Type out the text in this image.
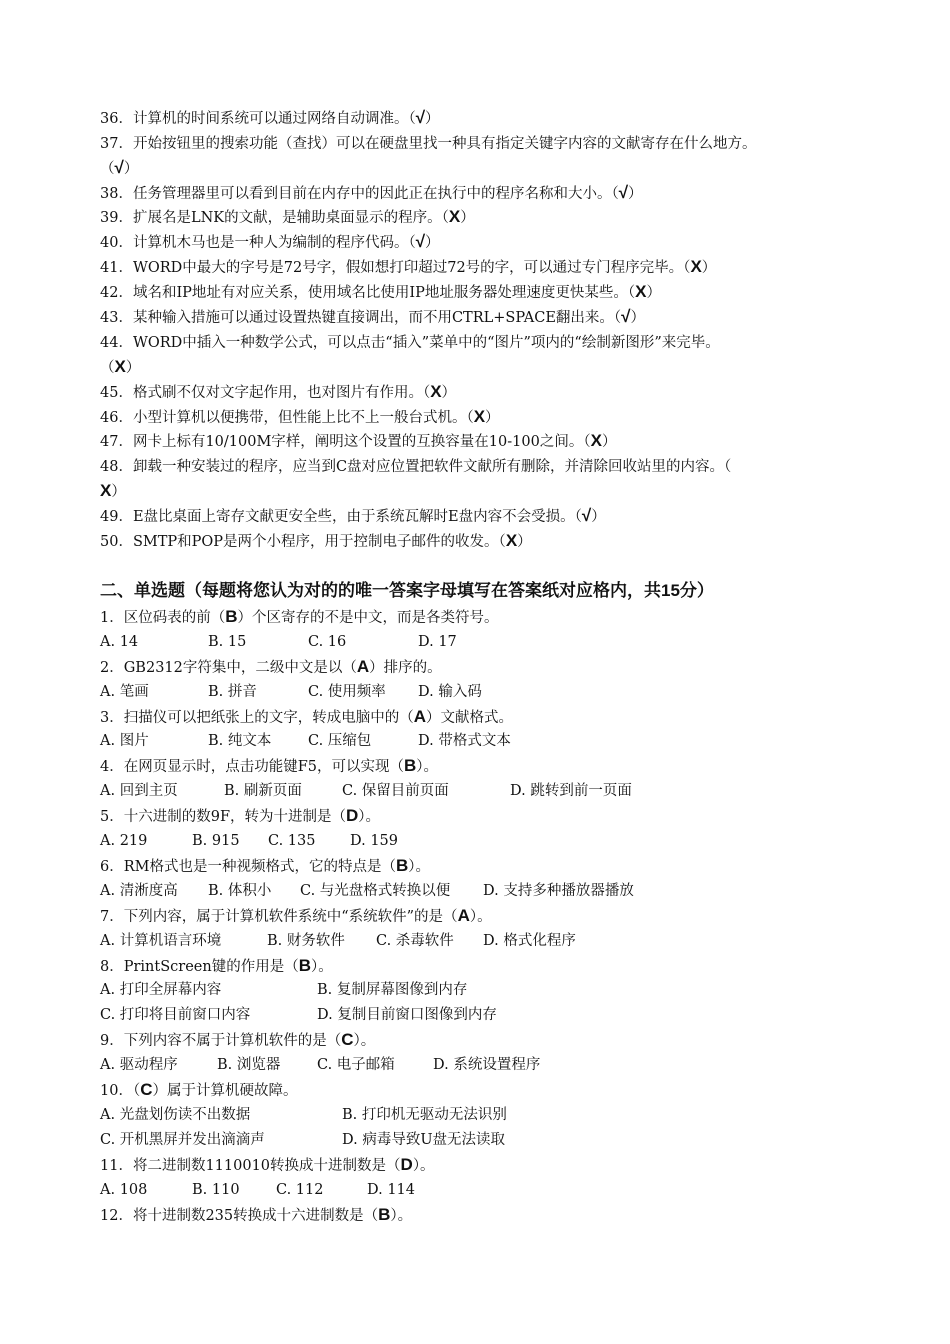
36．计算机的时间系统可以通过网络自动调准。（√）
37．开始按钮里的搜索功能（查找）可以在硬盘里找一种具有指定关键字内容的文献寄存在什么地方。
（√）
38．任务管理器里可以看到目前在内存中的因此正在执行中的程序名称和大小。（√）
39．扩展名是LNK的文献，是辅助桌面显示的程序。（X）
40．计算机木马也是一种人为编制的程序代码。（√）
41．WORD中最大的字号是72号字，假如想打印超过72号的字，可以通过专门程序完毕。（X）
42．域名和IP地址有对应关系，使用域名比使用IP地址服务器处理速度更快某些。（X）
43．某种输入措施可以通过设置热键直接调出，而不用CTRL+SPACE翻出来。（√）
44．WORD中插入一种数学公式，可以点击“插入”菜单中的“图片”项内的“绘制新图形”来完毕。
（X）
45．格式刷不仅对文字起作用，也对图片有作用。（X）
46．小型计算机以便携带，但性能上比不上一般台式机。（X）
47．网卡上标有10/100M字样，阐明这个设置的互换容量在10-100之间。（X）
48．卸载一种安装过的程序，应当到C盘对应位置把软件文献所有删除，并清除回收站里的内容。（
X）
49．E盘比桌面上寄存文献更安全些，由于系统瓦解时E盘内容不会受损。（√）
50．SMTP和POP是两个小程序，用于控制电子邮件的收发。（X）
二、单选题（每题将您认为对的的唯一答案字母填写在答案纸对应格内，共15分）
1．区位码表的前（B）个区寄存的不是中文，而是各类符号。
A. 14	B. 15	C. 16	D. 17
2．GB2312字符集中，二级中文是以（A）排序的。
A. 笔画	B. 拼音	C. 使用频率 D. 输入码
3．扫描仪可以把纸张上的文字，转成电脑中的（A）文献格式。
A. 图片	B. 纯文本	C. 压缩包	D. 带格式文本
4．在网页显示时，点击功能键F5，可以实现（B）。
A. 回到主页	B. 刷新页面	C. 保留目前页面	D. 跳转到前一页面
5．十六进制的数9F，转为十进制是（D）。
A. 219	B. 915 C. 135 D. 159
6．RM格式也是一种视频格式，它的特点是（B）。
A. 清淅度高 B. 体积小 C. 与光盘格式转换以便 D. 支持多种播放器播放
7．下列内容，属于计算机软件系统中“系统软件”的是（A）。
A. 计算机语言环境	B. 财务软件 C. 杀毒软件 D. 格式化程序
8．PrintScreen键的作用是（B）。
A. 打印全屏幕内容	B. 复制屏幕图像到内存
C. 打印将目前窗口内容	D. 复制目前窗口图像到内存
9．下列内容不属于计算机软件的是（C）。
A. 驱动程序	B. 浏览器	C. 电子邮箱	D. 系统设置程序
10．（C）属于计算机硬故障。
A. 光盘划伤读不出数据	B. 打印机无驱动无法识别
C. 开机黑屏并发出滴滴声	D. 病毒导致U盘无法读取
11．将二进制数1110010转换成十进制数是（D）。
A. 108	B. 110	C. 112	D. 114
12．将十进制数235转换成十六进制数是（B）。
